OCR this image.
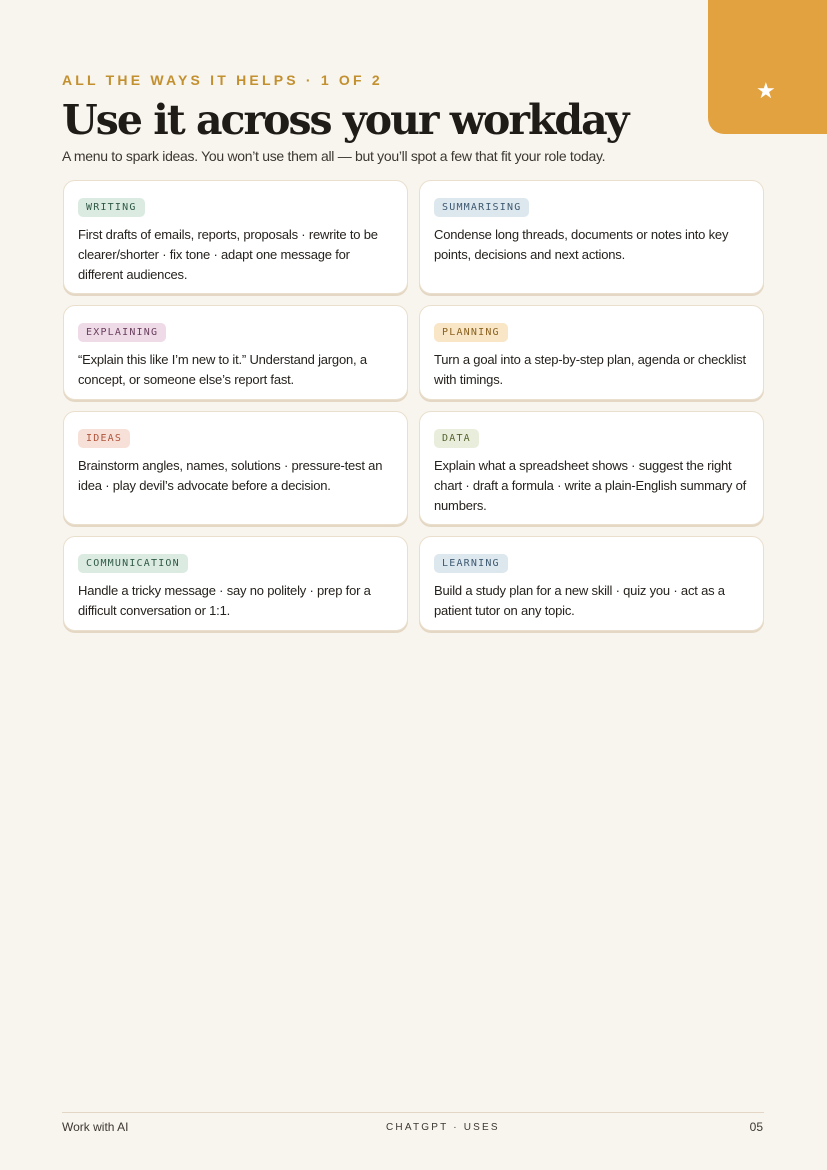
★
ALL THE WAYS IT HELPS · 1 OF 2
Use it across your workday

A menu to spark ideas. You won’t use them all — but you’ll spot a few that fit your role today.

WRITING

First drafts of emails, reports, proposals · rewrite to be clearer/shorter · fix tone · adapt one message for different audiences.

SUMMARISING

Condense long threads, documents or notes into key points, decisions and next actions.

EXPLAINING

“Explain this like I’m new to it.” Understand jargon, a concept, or someone else’s report fast.

PLANNING

Turn a goal into a step-by-step plan, agenda or checklist with timings.

IDEAS

Brainstorm angles, names, solutions · pressure-test an idea · play devil’s advocate before a decision.

DATA

Explain what a spreadsheet shows · suggest the right chart · draft a formula · write a plain-English summary of numbers.

COMMUNICATION

Handle a tricky message · say no politely · prep for a difficult conversation or 1:1.

LEARNING

Build a study plan for a new skill · quiz you · act as a patient tutor on any topic.

Work with AI	CHATGPT · USES	05
